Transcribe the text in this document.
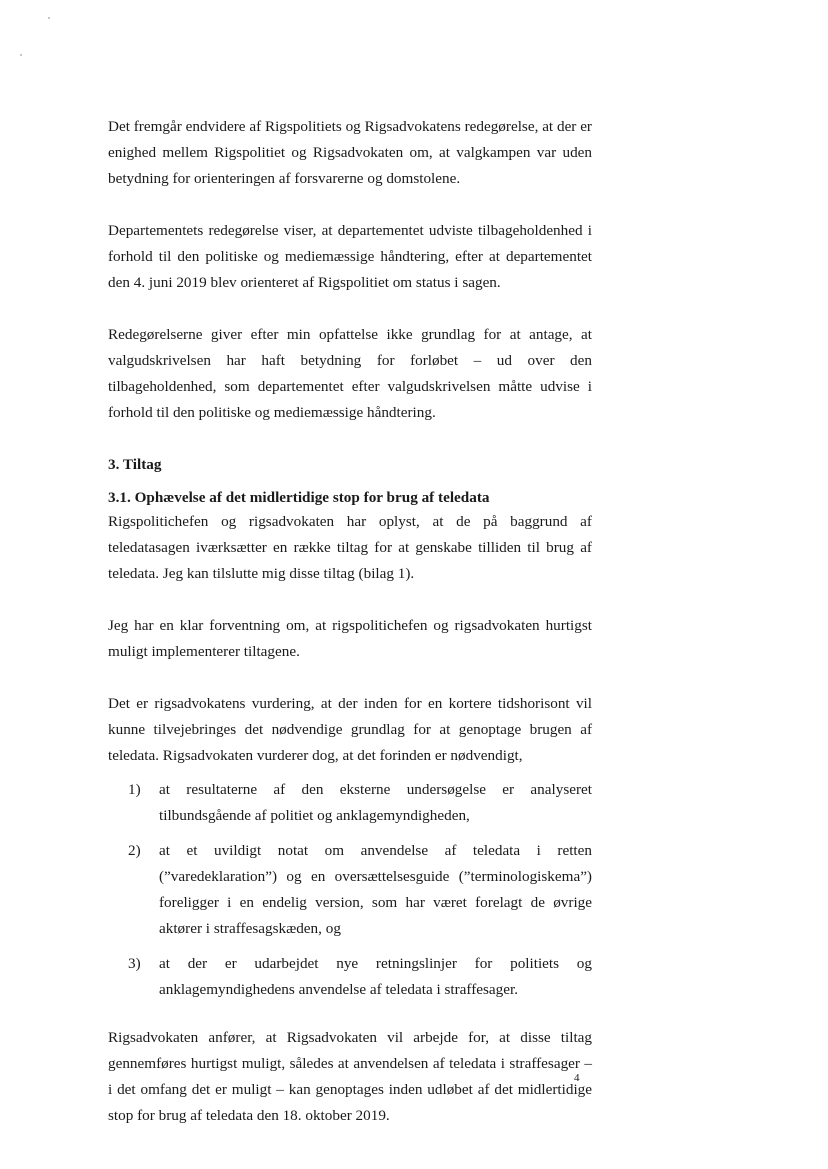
Det fremgår endvidere af Rigspolitiets og Rigsadvokatens redegørelse, at der er enighed mellem Rigspolitiet og Rigsadvokaten om, at valgkampen var uden betydning for orienteringen af forsvarerne og domstolene.

Departementets redegørelse viser, at departementet udviste tilbageholdenhed i forhold til den politiske og mediemæssige håndtering, efter at departementet den 4. juni 2019 blev orienteret af Rigspolitiet om status i sagen.

Redegørelserne giver efter min opfattelse ikke grundlag for at antage, at valgudskrivelsen har haft betydning for forløbet – ud over den tilbageholdenhed, som departementet efter valgudskrivelsen måtte udvise i forhold til den politiske og mediemæssige håndtering.

3. Tiltag
3.1. Ophævelse af det midlertidige stop for brug af teledata

Rigspolitichefen og rigsadvokaten har oplyst, at de på baggrund af teledatasagen iværksætter en række tiltag for at genskabe tilliden til brug af teledata. Jeg kan tilslutte mig disse tiltag (bilag 1).

Jeg har en klar forventning om, at rigspolitichefen og rigsadvokaten hurtigst muligt implementerer tiltagene.

Det er rigsadvokatens vurdering, at der inden for en kortere tidshorisont vil kunne tilvejebringes det nødvendige grundlag for at genoptage brugen af teledata. Rigsadvokaten vurderer dog, at det forinden er nødvendigt,

1) at resultaterne af den eksterne undersøgelse er analyseret tilbundsgående af politiet og anklagemyndigheden,
2) at et uvildigt notat om anvendelse af teledata i retten (”varedeklaration”) og en oversættelsesguide (”terminologiskema”) foreligger i en endelig version, som har været forelagt de øvrige aktører i straffesagskæden, og
3) at der er udarbejdet nye retningslinjer for politiets og anklagemyndighedens anvendelse af teledata i straffesager.

Rigsadvokaten anfører, at Rigsadvokaten vil arbejde for, at disse tiltag gennemføres hurtigst muligt, således at anvendelsen af teledata i straffesager – i det omfang det er muligt – kan genoptages inden udløbet af det midlertidige stop for brug af teledata den 18. oktober 2019.

4
